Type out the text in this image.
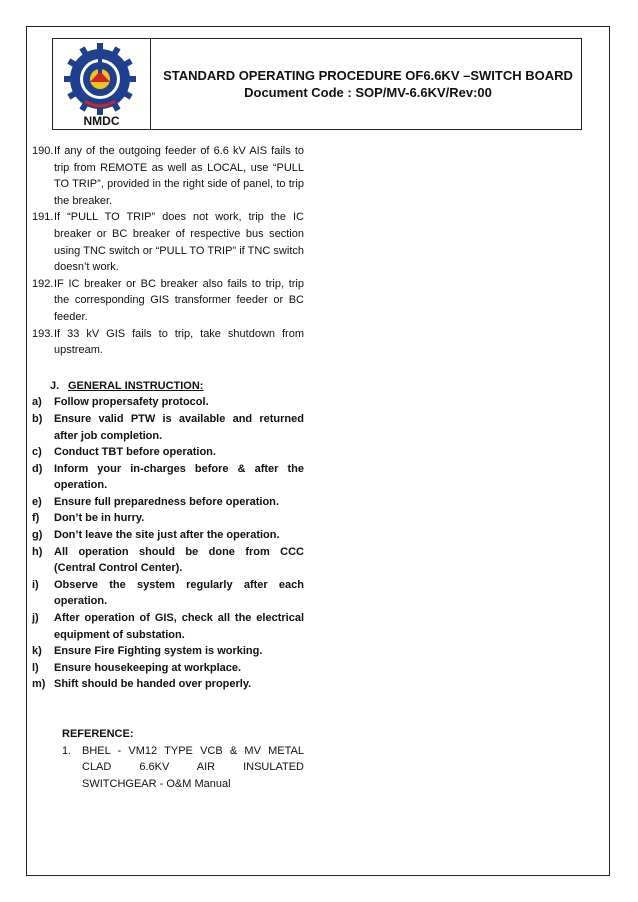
NMDC
STANDARD OPERATING PROCEDURE OF6.6KV –SWITCH BOARD
Document Code : SOP/MV-6.6KV/Rev:00
190. If any of the outgoing feeder of 6.6 kV AIS fails to trip from REMOTE as well as LOCAL, use “PULL TO TRIP”, provided in the right side of panel, to trip the breaker.
191. If “PULL TO TRIP” does not work, trip the IC breaker or BC breaker of respective bus section using TNC switch or “PULL TO TRIP” if TNC switch doesn’t work.
192. IF IC breaker or BC breaker also fails to trip, trip the corresponding GIS transformer feeder or BC feeder.
193. If 33 kV GIS fails to trip, take shutdown from upstream.
J. GENERAL INSTRUCTION:
a)	Follow propersafety protocol.
b)	Ensure valid PTW is available and returned after job completion.
c)	Conduct TBT before operation.
d)	Inform your in-charges before & after the operation.
e)	Ensure full preparedness before operation.
f)	Don’t be in hurry.
g)	Don’t leave the site just after the operation.
h)	All operation should be done from CCC (Central Control Center).
i)	Observe the system regularly after each operation.
j)	After operation of GIS, check all the electrical equipment of substation.
k)	Ensure Fire Fighting system is working.
l)	Ensure housekeeping at workplace.
m) Shift should be handed over properly.
REFERENCE:
1. BHEL - VM12 TYPE VCB & MV METAL CLAD 6.6KV AIR INSULATED SWITCHGEAR - O&M Manual
